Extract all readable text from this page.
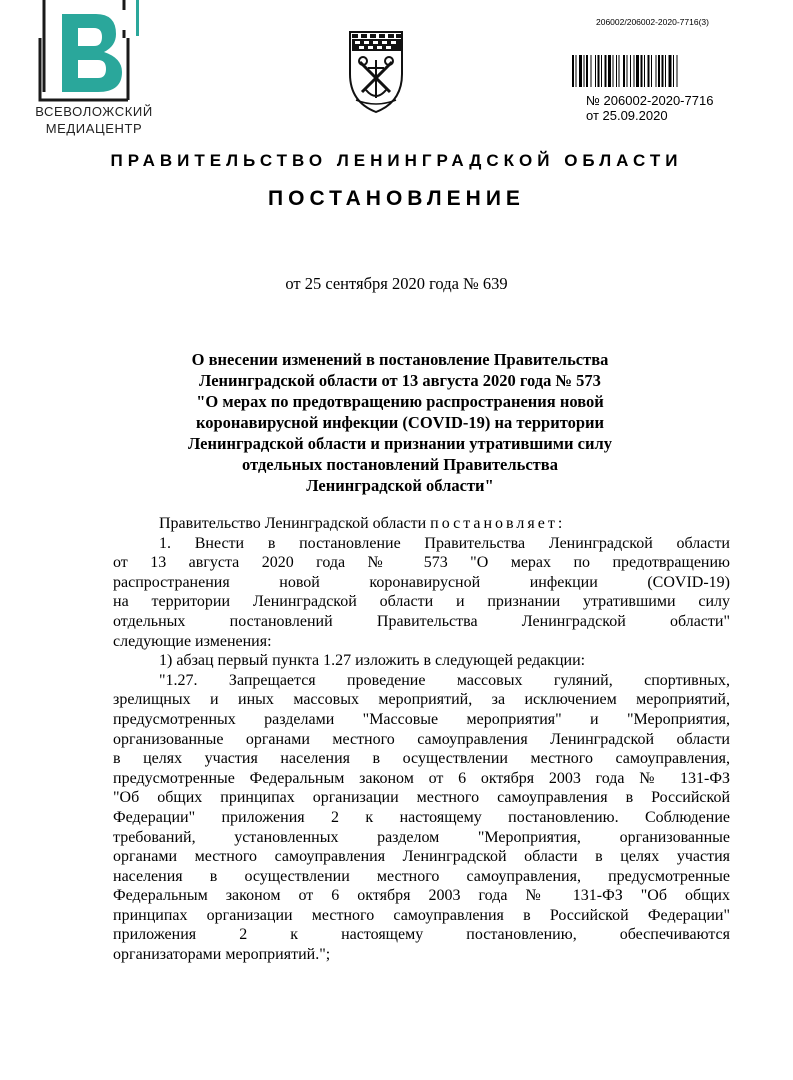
ВСЕВОЛОЖСКИЙ
МЕДИАЦЕНТР
206002/206002-2020-7716(3)
№ 206002-2020-7716
от 25.09.2020
ПРАВИТЕЛЬСТВО ЛЕНИНГРАДСКОЙ ОБЛАСТИ
ПОСТАНОВЛЕНИЕ
от 25 сентября 2020 года № 639
О внесении изменений в постановление Правительства
Ленинградской области от 13 августа 2020 года № 573
"О мерах по предотвращению распространения новой
коронавирусной инфекции (COVID-19) на территории
Ленинградской области и признании утратившими силу
отдельных постановлений Правительства
Ленинградской области"
Правительство Ленинградской области постановляет:
1. Внести в постановление Правительства Ленинградской области
от 13 августа 2020 года № 573 "О мерах по предотвращению
распространения новой коронавирусной инфекции (COVID-19)
на территории Ленинградской области и признании утратившими силу
отдельных постановлений Правительства Ленинградской области"
следующие изменения:
1) абзац первый пункта 1.27 изложить в следующей редакции:
"1.27. Запрещается проведение массовых гуляний, спортивных,
зрелищных и иных массовых мероприятий, за исключением мероприятий,
предусмотренных разделами "Массовые мероприятия" и "Мероприятия,
организованные органами местного самоуправления Ленинградской области
в целях участия населения в осуществлении местного самоуправления,
предусмотренные Федеральным законом от 6 октября 2003 года № 131-ФЗ
"Об общих принципах организации местного самоуправления в Российской
Федерации" приложения 2 к настоящему постановлению. Соблюдение
требований, установленных разделом "Мероприятия, организованные
органами местного самоуправления Ленинградской области в целях участия
населения в осуществлении местного самоуправления, предусмотренные
Федеральным законом от 6 октября 2003 года № 131-ФЗ "Об общих
принципах организации местного самоуправления в Российской Федерации"
приложения 2 к настоящему постановлению, обеспечиваются
организаторами мероприятий.";
